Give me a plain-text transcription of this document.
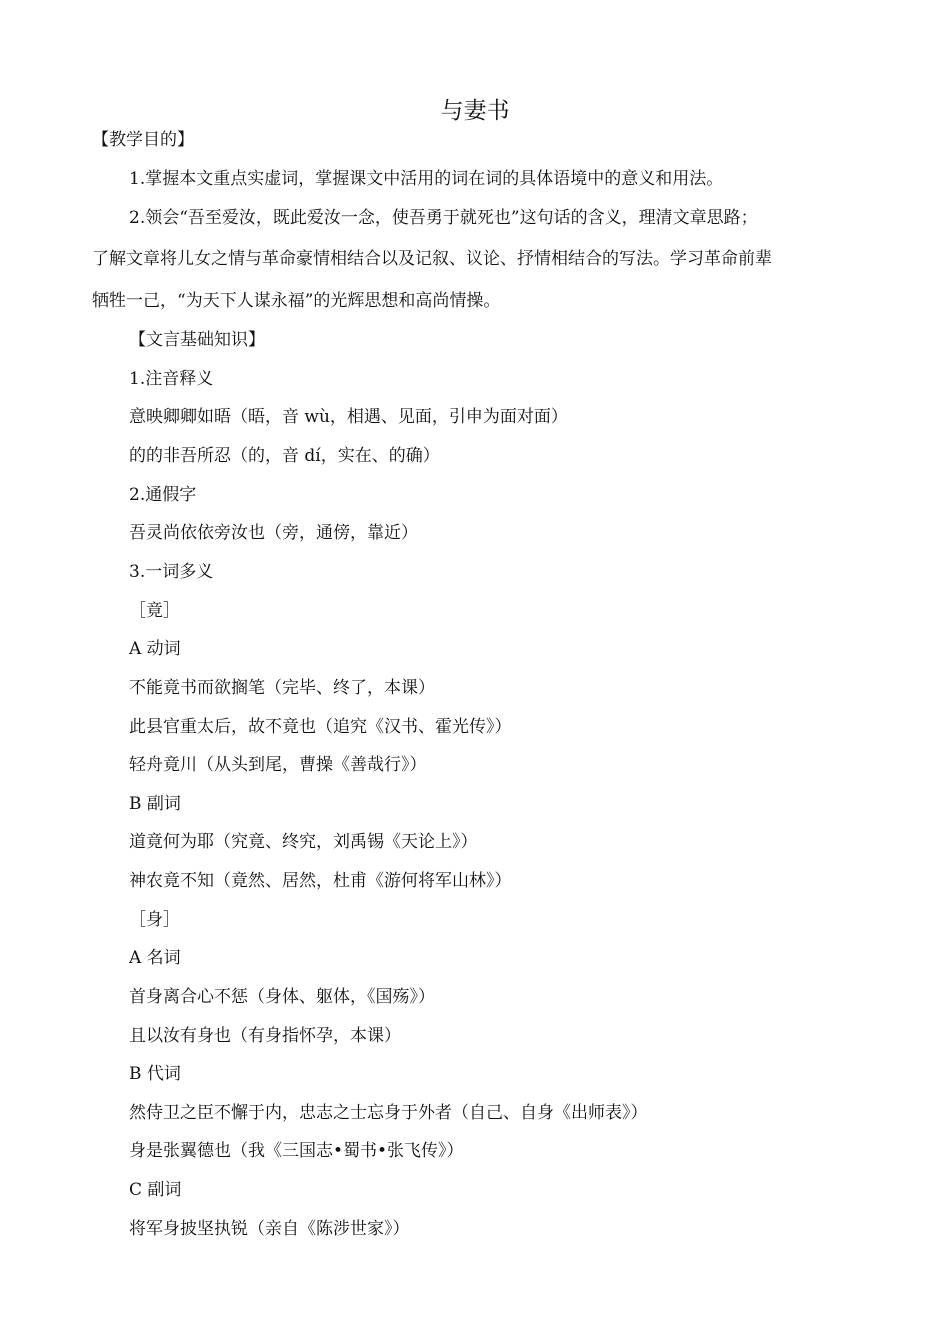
与妻书
【教学目的】
1.掌握本文重点实虚词，掌握课文中活用的词在词的具体语境中的意义和用法。
2.领会“吾至爱汝，既此爱汝一念，使吾勇于就死也”这句话的含义，理清文章思路；
了解文章将儿女之情与革命豪情相结合以及记叙、议论、抒情相结合的写法。学习革命前辈
牺牲一己，“为天下人谋永福”的光辉思想和高尚情操。
【文言基础知识】
1.注音释义
意映卿卿如晤（晤，音 wù，相遇、见面，引申为面对面）
的的非吾所忍（的，音 dí，实在、的确）
2.通假字
吾灵尚依依旁汝也（旁，通傍，靠近）
3.一词多义
［竟］
A 动词
不能竟书而欲搁笔（完毕、终了，本课）
此县官重太后，故不竟也（追究《汉书、霍光传》）
轻舟竟川（从头到尾，曹操《善哉行》）
B 副词
道竟何为耶（究竟、终究，刘禹锡《天论上》）
神农竟不知（竟然、居然，杜甫《游何将军山林》）
［身］
A 名词
首身离合心不惩（身体、躯体，《国殇》）
且以汝有身也（有身指怀孕，本课）
B 代词
然侍卫之臣不懈于内，忠志之士忘身于外者（自己、自身《出师表》）
身是张翼德也（我《三国志•蜀书•张飞传》）
C 副词
将军身披坚执锐（亲自《陈涉世家》）
